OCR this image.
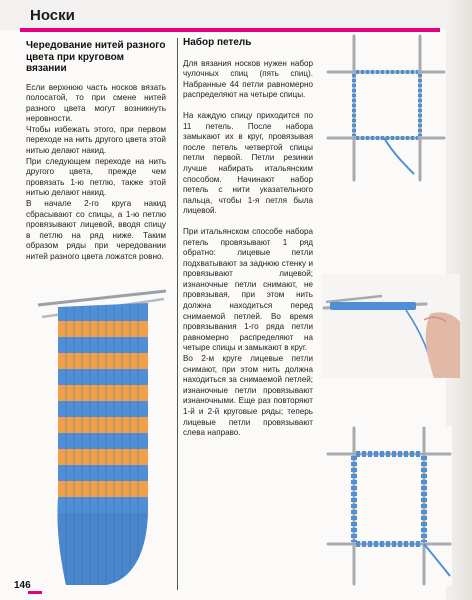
Носки
Чередование нитей разного цвета при круговом вязании

Если верхнюю часть носков вязать полосатой, то при смене нитей разного цвета могут возникнуть неровности.

Чтобы избежать этого, при первом переходе на нить другого цвета этой нитью делают накид.

При следующем переходе на нить другого цвета, прежде чем провязать 1-ю петлю, также этой нитью делают накид.

В начале 2-го круга накид сбрасывают со спицы, а 1-ю петлю провязывают лицевой, вводя спицу в петлю на ряд ниже. Таким образом ряды при чередовании нитей разного цвета ложатся ровно.

Набор петель

Для вязания носков нужен набор чулочных спиц (пять спиц). Набранные 44 петли равномерно распределяют на четыре спицы.

На каждую спицу приходится по 11 петель. После набора замыкают их в круг, провязывая после петель четвертой спицы петли первой. Петли резинки лучше набирать итальянским способом. Начинают набор петель с нити указательного пальца, чтобы 1-я петля была лицевой.

При итальянском способе набора петель провязывают 1 ряд обратно: лицевые петли подхватывают за заднюю стенку и провязывают лицевой; изнаночные петли снимают, не провязывая, при этом нить должна находиться перед снимаемой петлей. Во время провязывания 1-го ряда петли равномерно распределяют на четыре спицы и замыкают в круг.

Во 2-м круге лицевые петли снимают, при этом нить должна находиться за снимаемой петлей; изнаночные петли провязывают изнаночными. Еще раз повторяют 1-й и 2-й круговые ряды; теперь лицевые петли провязывают слева направо.

146
